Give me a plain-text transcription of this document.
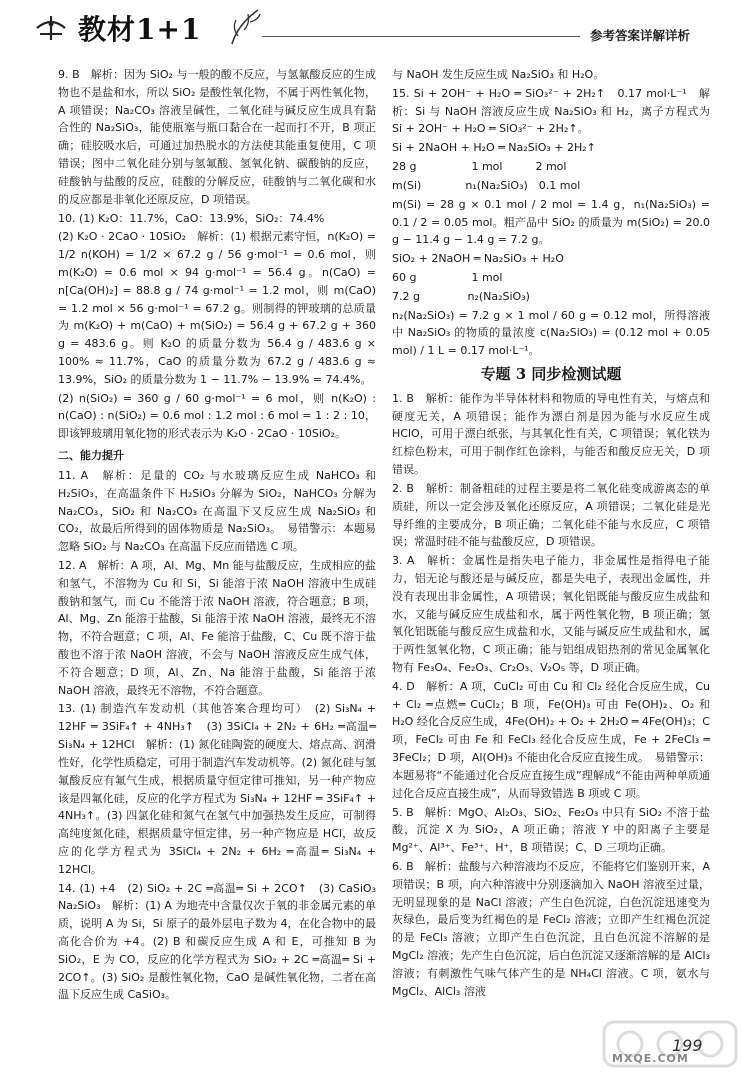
教材1+1	参考答案详解详析
9. B　解析：因为 SiO₂ 与一般的酸不反应，与氢氟酸反应的生成物也不是盐和水，所以 SiO₂ 是酸性氧化物，不属于两性氧化物，A 项错误；Na₂CO₃ 溶液呈碱性，二氧化硅与碱反应生成具有黏合性的 Na₂SiO₃，能使瓶塞与瓶口黏合在一起而打不开，B 项正确；硅胶吸水后，可通过加热脱水的方法使其能重复使用，C 项错误；图中二氧化硅分别与氢氟酸、氢氧化钠、碳酸钠的反应，硅酸钠与盐酸的反应，硅酸的分解反应，硅酸钠与二氧化碳和水的反应都是非氧化还原反应，D 项错误。
10. (1) K₂O：11.7%，CaO：13.9%，SiO₂：74.4%
(2) K₂O · 2CaO · 10SiO₂　解析：(1) 根据元素守恒，n(K₂O) = 1/2 n(KOH) = 1/2 × 67.2 g / 56 g·mol⁻¹ = 0.6 mol，则 m(K₂O) = 0.6 mol × 94 g·mol⁻¹ = 56.4 g。n(CaO) = n[Ca(OH)₂] = 88.8 g / 74 g·mol⁻¹ = 1.2 mol，则 m(CaO) = 1.2 mol × 56 g·mol⁻¹ = 67.2 g。则制得的钾玻璃的总质量为 m(K₂O) + m(CaO) + m(SiO₂) = 56.4 g + 67.2 g + 360 g = 483.6 g。则 K₂O 的质量分数为 56.4 g / 483.6 g × 100% ≈ 11.7%，CaO 的质量分数为 67.2 g / 483.6 g ≈ 13.9%，SiO₂ 的质量分数为 1 − 11.7% − 13.9% = 74.4%。
(2) n(SiO₂) = 360 g / 60 g·mol⁻¹ = 6 mol，则 n(K₂O) : n(CaO) : n(SiO₂) = 0.6 mol : 1.2 mol : 6 mol = 1 : 2 : 10，即该钾玻璃用氧化物的形式表示为 K₂O · 2CaO · 10SiO₂。
二、能力提升
11. A　解析：足量的 CO₂ 与水玻璃反应生成 NaHCO₃ 和 H₂SiO₃，在高温条件下 H₂SiO₃ 分解为 SiO₂，NaHCO₃ 分解为 Na₂CO₃，SiO₂ 和 Na₂CO₃ 在高温下又反应生成 Na₂SiO₃ 和 CO₂，故最后所得到的固体物质是 Na₂SiO₃。　易错警示：本题易忽略 SiO₂ 与 Na₂CO₃ 在高温下反应而错选 C 项。
12. A　解析：A 项，Al、Mg、Mn 能与盐酸反应，生成相应的盐和氢气，不溶物为 Cu 和 Si，Si 能溶于浓 NaOH 溶液中生成硅酸钠和氢气，而 Cu 不能溶于浓 NaOH 溶液，符合题意；B 项，Al、Mg、Zn 能溶于盐酸，Si 能溶于浓 NaOH 溶液，最终无不溶物，不符合题意；C 项，Al、Fe 能溶于盐酸，C、Cu 既不溶于盐酸也不溶于浓 NaOH 溶液，不会与 NaOH 溶液反应生成气体，不符合题意；D 项，Al、Zn、Na 能溶于盐酸，Si 能溶于浓 NaOH 溶液，最终无不溶物，不符合题意。
13. (1) 制造汽车发动机（其他答案合理均可）　(2) Si₃N₄ + 12HF ═ 3SiF₄↑ + 4NH₃↑　(3) 3SiCl₄ + 2N₂ + 6H₂ ═高温═ Si₃N₄ + 12HCl　解析：(1) 氮化硅陶瓷的硬度大、熔点高、润滑性好，化学性质稳定，可用于制造汽车发动机等。(2) 氮化硅与氢氟酸反应有氟气生成，根据质量守恒定律可推知，另一种产物应该是四氟化硅，反应的化学方程式为 Si₃N₄ + 12HF ═ 3SiF₄↑ + 4NH₃↑。(3) 四氯化硅和氮气在氢气中加强热发生反应，可制得高纯度氮化硅，根据质量守恒定律，另一种产物应是 HCl，故反应的化学方程式为 3SiCl₄ + 2N₂ + 6H₂ ═高温═ Si₃N₄ + 12HCl。
14. (1) +4　(2) SiO₂ + 2C ═高温═ Si + 2CO↑　(3) CaSiO₃　Na₂SiO₃　解析：(1) A 为地壳中含量仅次于氧的非金属元素的单质，说明 A 为 Si，Si 原子的最外层电子数为 4，在化合物中的最高化合价为 +4。(2) B 和碳反应生成 A 和 E，可推知 B 为 SiO₂，E 为 CO，反应的化学方程式为 SiO₂ + 2C ═高温═ Si + 2CO↑。(3) SiO₂ 是酸性氧化物，CaO 是碱性氧化物，二者在高温下反应生成 CaSiO₃。
与 NaOH 发生反应生成 Na₂SiO₃ 和 H₂O。
15. Si + 2OH⁻ + H₂O ═ SiO₃²⁻ + 2H₂↑　0.17 mol·L⁻¹　解析：Si 与 NaOH 溶液反应生成 Na₂SiO₃ 和 H₂，离子方程式为 Si + 2OH⁻ + H₂O ═ SiO₃²⁻ + 2H₂↑。
Si + 2NaOH + H₂O ═ Na₂SiO₃ + 2H₂↑
28 g　　　　　1 mol　　　2 mol
m(Si)　　　　n₁(Na₂SiO₃)　0.1 mol
m(Si) = 28 g × 0.1 mol / 2 mol = 1.4 g，n₁(Na₂SiO₃) = 0.1 / 2 = 0.05 mol。粗产品中 SiO₂ 的质量为 m(SiO₂) = 20.0 g − 11.4 g − 1.4 g = 7.2 g。
SiO₂ + 2NaOH ═ Na₂SiO₃ + H₂O
60 g　　　　　1 mol
7.2 g　　　　 n₂(Na₂SiO₃)
n₂(Na₂SiO₃) = 7.2 g × 1 mol / 60 g = 0.12 mol，所得溶液中 Na₂SiO₃ 的物质的量浓度 c(Na₂SiO₃) = (0.12 mol + 0.05 mol) / 1 L = 0.17 mol·L⁻¹。
专题 3 同步检测试题
1. B　解析：能作为半导体材料和物质的导电性有关，与熔点和硬度无关，A 项错误；能作为漂白剂是因为能与水反应生成 HClO，可用于漂白纸张，与其氧化性有关，C 项错误；氧化铁为红棕色粉末，可用于制作红色涂料，与能否和酸反应无关，D 项错误。
2. B　解析：制备粗硅的过程主要是将二氧化硅变成游离态的单质硅，所以一定会涉及氧化还原反应，A 项错误；二氧化硅是光导纤维的主要成分，B 项正确；二氧化硅不能与水反应，C 项错误；常温时硅不能与盐酸反应，D 项错误。
3. A　解析：金属性是指失电子能力，非金属性是指得电子能力，铝无论与酸还是与碱反应，都是失电子，表现出金属性，并没有表现出非金属性，A 项错误；氧化铝既能与酸反应生成盐和水，又能与碱反应生成盐和水，属于两性氧化物，B 项正确；氢氧化铝既能与酸反应生成盐和水，又能与碱反应生成盐和水，属于两性氢氧化物，C 项正确；能与铝组成铝热剂的常见金属氧化物有 Fe₃O₄、Fe₂O₃、Cr₂O₃、V₂O₅ 等，D 项正确。
4. D　解析：A 项，CuCl₂ 可由 Cu 和 Cl₂ 经化合反应生成，Cu + Cl₂ ═点燃═ CuCl₂；B 项，Fe(OH)₃ 可由 Fe(OH)₂、O₂ 和 H₂O 经化合反应生成，4Fe(OH)₂ + O₂ + 2H₂O ═ 4Fe(OH)₃；C 项，FeCl₂ 可由 Fe 和 FeCl₃ 经化合反应生成，Fe + 2FeCl₃ ═ 3FeCl₂；D 项，Al(OH)₃ 不能由化合反应直接生成。　易错警示：本题易将“不能通过化合反应直接生成”理解成“不能由两种单质通过化合反应直接生成”，从而导致错选 B 项或 C 项。
5. B　解析：MgO、Al₂O₃、SiO₂、Fe₂O₃ 中只有 SiO₂ 不溶于盐酸，沉淀 X 为 SiO₂，A 项正确；溶液 Y 中的阳离子主要是 Mg²⁺、Al³⁺、Fe³⁺、H⁺，B 项错误；C、D 三项均正确。
6. B　解析：盐酸与六种溶液均不反应，不能将它们鉴别开来，A 项错误；B 项，向六种溶液中分别逐滴加入 NaOH 溶液至过量，无明显现象的是 NaCl 溶液；产生白色沉淀，白色沉淀迅速变为灰绿色，最后变为红褐色的是 FeCl₂ 溶液；立即产生红褐色沉淀的是 FeCl₃ 溶液；立即产生白色沉淀，且白色沉淀不溶解的是 MgCl₂ 溶液；先产生白色沉淀，后白色沉淀又逐渐溶解的是 AlCl₃ 溶液；有刺激性气味气体产生的是 NH₄Cl 溶液。C 项，氨水与 MgCl₂、AlCl₃ 溶液
MXQE.COM
199
